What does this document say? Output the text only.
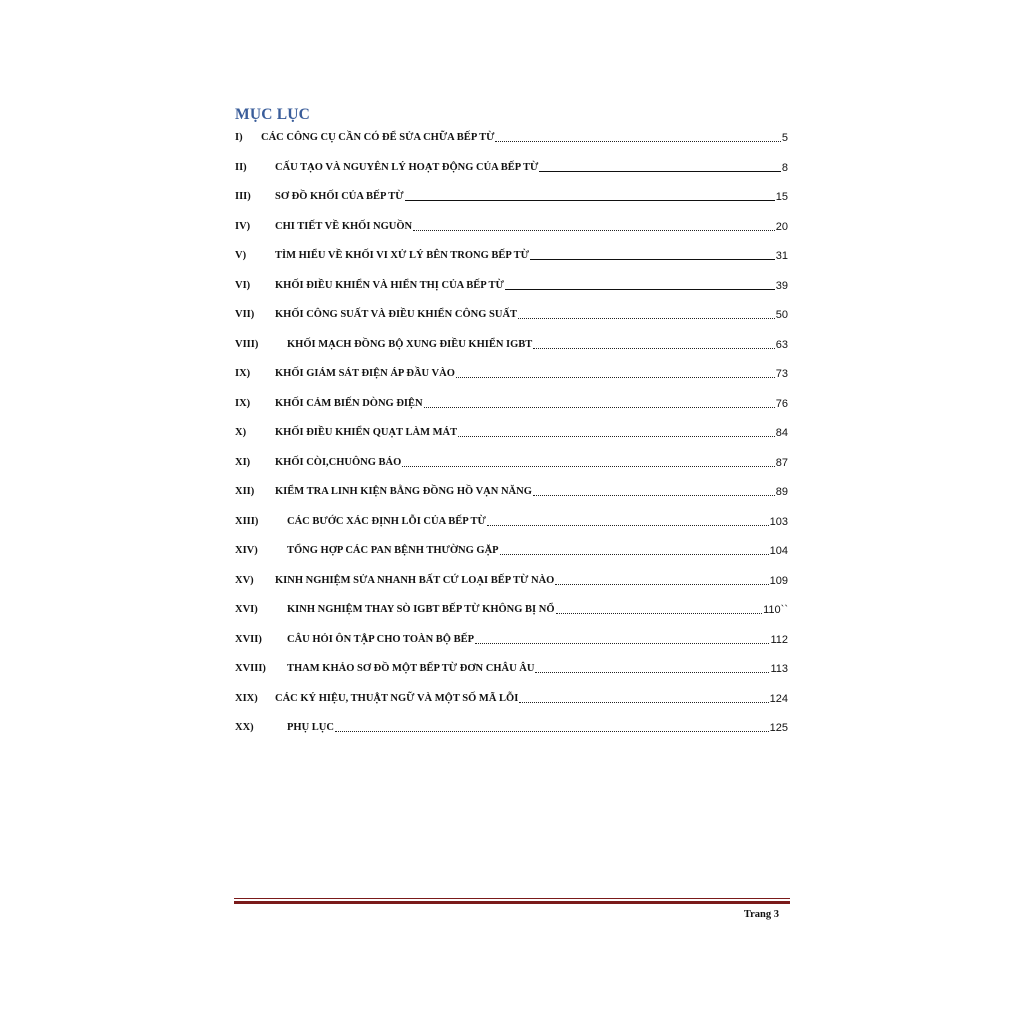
MỤC LỤC
I)	CÁC CÔNG CỤ CẦN CÓ ĐỂ SỬA CHỮA BẾP TỪ	5
II)	CẤU TẠO VÀ NGUYÊN LÝ HOẠT ĐỘNG CỦA BẾP TỪ	8
III)	SƠ ĐỒ KHỐI CỦA BẾP TỪ	15
IV)	CHI TIẾT VỀ KHỐI NGUỒN	20
V)	TÌM HIỂU VỀ KHỐI VI XỬ LÝ BÊN TRONG BẾP TỪ	31
VI)	KHỐI ĐIỀU KHIỂN VÀ HIỂN THỊ CỦA BẾP TỪ	39
VII)	KHỐI CÔNG SUẤT VÀ ĐIỀU KHIỂN CÔNG SUẤT	50
VIII)	KHỐI MẠCH ĐỒNG BỘ XUNG ĐIỀU KHIỂN IGBT	63
IX)	KHỐI GIÁM SÁT ĐIỆN ÁP ĐẦU VÀO	73
IX)	KHỐI CẢM BIẾN DÒNG ĐIỆN	76
X)	KHỐI ĐIỀU KHIỂN QUẠT LÀM MÁT	84
XI)	KHỐI CÒI,CHUÔNG BÁO	87
XII)	KIỂM TRA LINH KIỆN BẰNG ĐỒNG HỒ VẠN NĂNG	89
XIII)	CÁC BƯỚC XÁC ĐỊNH LỖI CỦA BẾP TỪ	103
XIV)	TỔNG HỢP CÁC PAN BỆNH THƯỜNG GẶP	104
XV)	KINH NGHIỆM SỬA NHANH BẤT CỨ LOẠI BẾP TỪ NÀO	109
XVI)	KINH NGHIỆM THAY SÒ IGBT BẾP TỪ KHÔNG BỊ NỔ	110``
XVII)	CÂU HỎI ÔN TẬP CHO TOÀN BỘ BẾP	112
XVIII)	THAM KHẢO SƠ ĐỒ MỘT BẾP TỪ ĐƠN CHÂU ÂU	113
XIX)	CÁC KÝ HIỆU, THUẬT NGỮ VÀ MỘT SỐ MÃ LỖI	124
XX)	PHỤ LỤC	125
Trang 3
